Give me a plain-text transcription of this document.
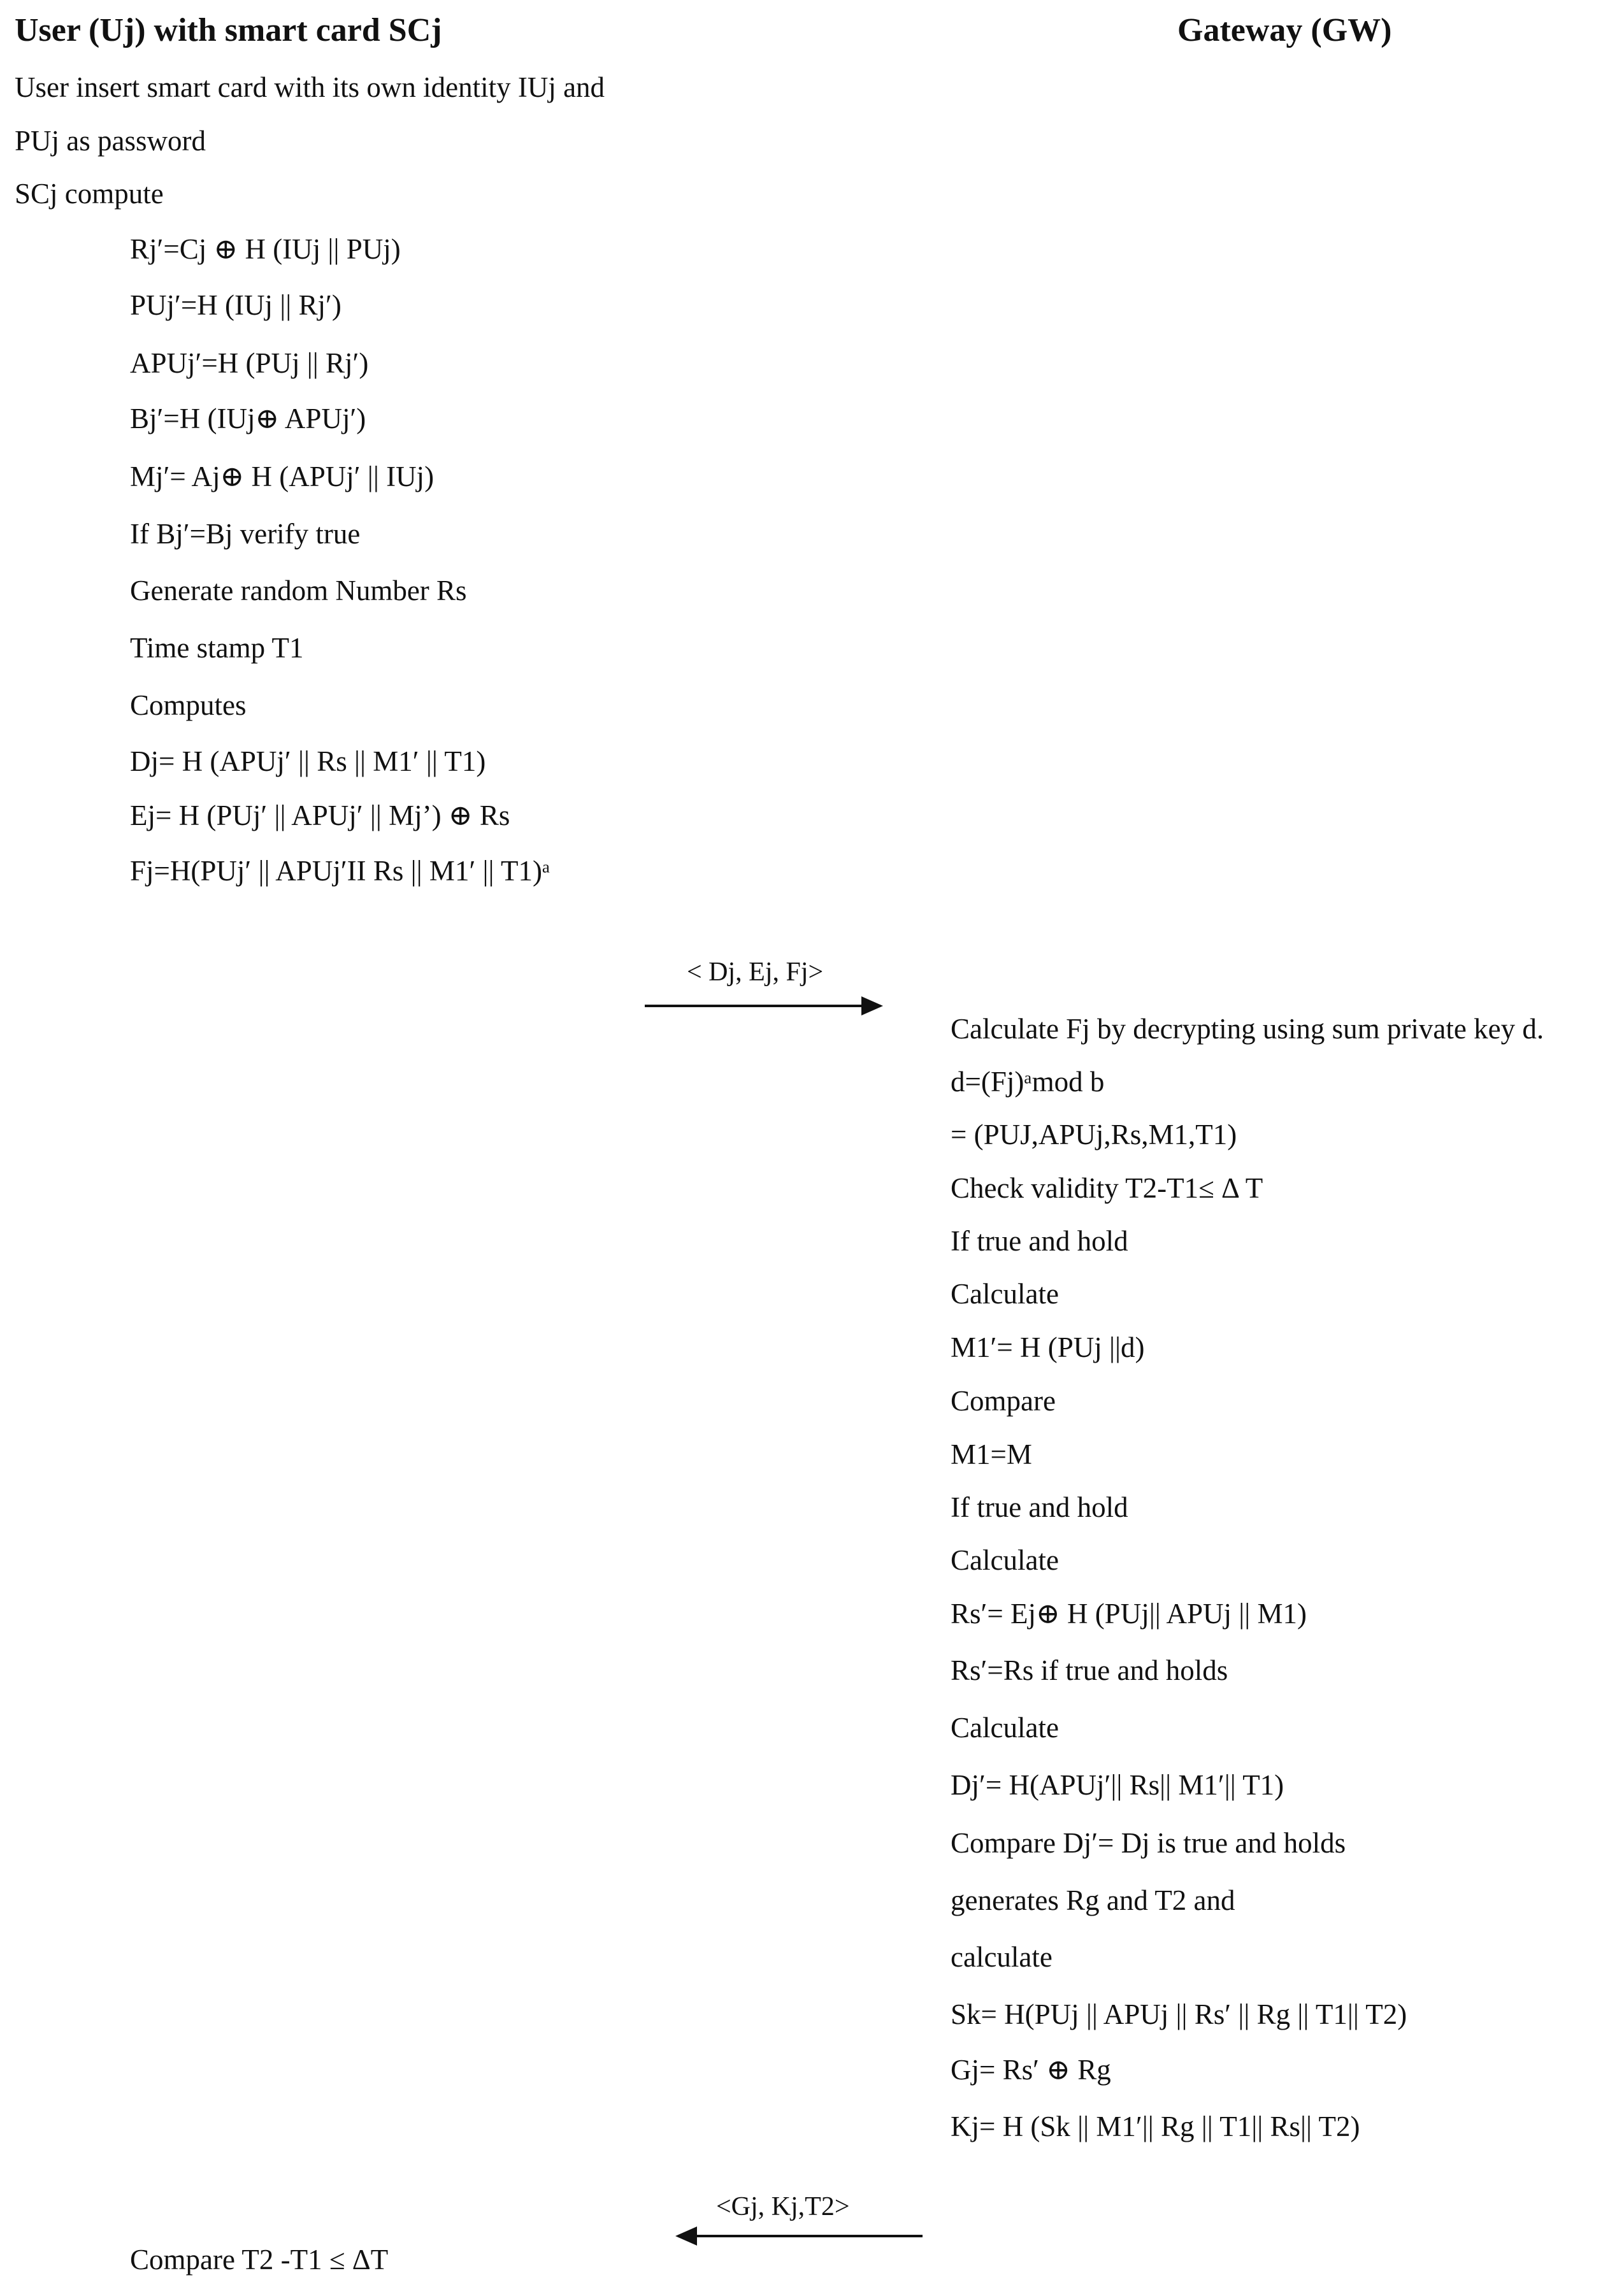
User (Uj) with smart card SCj	Gateway (GW)
User insert smart card with its own identity IUj and
PUj as password
SCj compute
Rj′=Cj ⊕ H (IUj || PUj)
PUj′=H (IUj || Rj′)
APUj′=H (PUj || Rj′)
Bj′=H (IUj⊕ APUj′)
Mj′= Aj⊕ H (APUj′ || IUj)
If Bj′=Bj verify true
Generate random Number Rs
Time stamp T1
Computes
Dj= H (APUj′ || Rs || M1′ || T1)
Ej= H (PUj′ || APUj′ || Mj’) ⊕ Rs
Fj=H(PUj′ || APUj′II Rs || M1′ || T1)ᵃ
< Dj, Ej, Fj>
Calculate Fj by decrypting using sum private key d.
d=(Fj)ᵃmod b
= (PUJ,APUj,Rs,M1,T1)
Check validity T2-T1≤ Δ T
If true and hold
Calculate
M1′= H (PUj ||d)
Compare
M1=M
If true and hold
Calculate
Rs′= Ej⊕ H (PUj|| APUj || M1)
Rs′=Rs if true and holds
Calculate
Dj′= H(APUj′|| Rs|| M1′|| T1)
Compare Dj′= Dj is true and holds
generates Rg and T2 and
calculate
Sk= H(PUj || APUj || Rs′ || Rg || T1|| T2)
Gj= Rs′ ⊕ Rg
Kj= H (Sk || M1′|| Rg || T1|| Rs|| T2)
<Gj, Kj,T2>
Compare T2 -T1 ≤ ΔT
